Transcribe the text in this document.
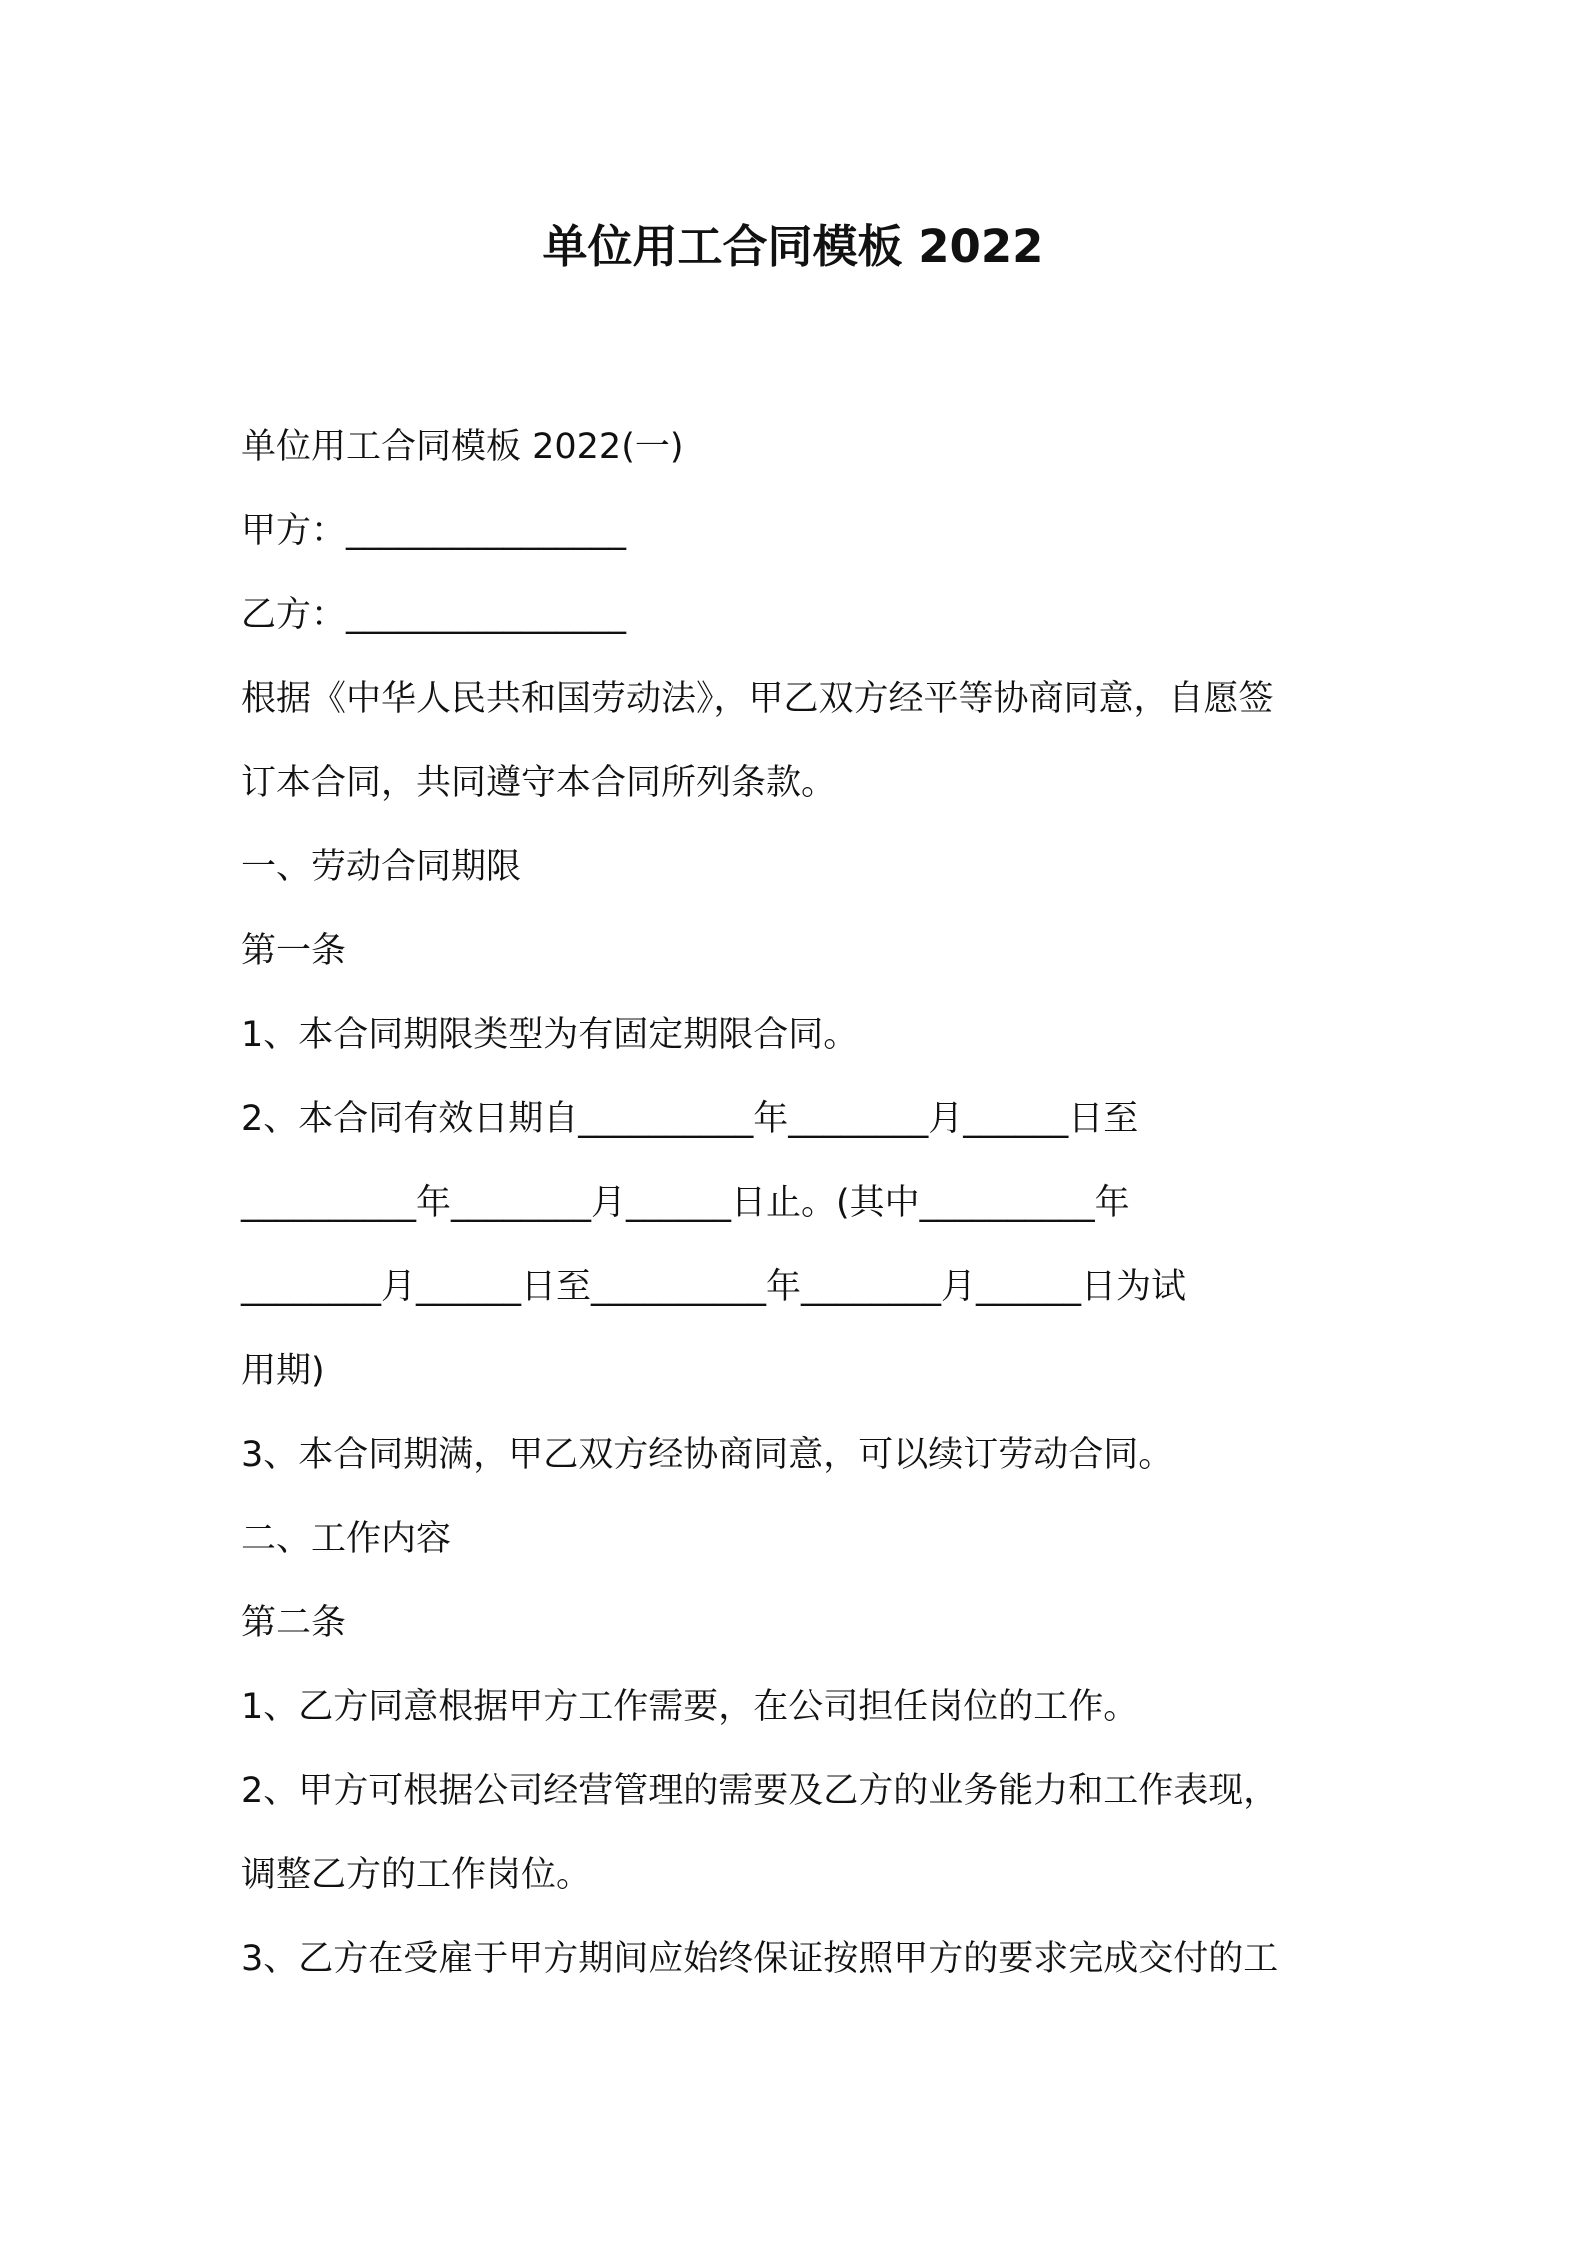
单位用工合同模板 2022

单位用工合同模板 2022(一)

甲方：________________

乙方：________________

根据《中华人民共和国劳动法》，甲乙双方经平等协商同意，自愿签

订本合同，共同遵守本合同所列条款。

一、劳动合同期限

第一条

1、本合同期限类型为有固定期限合同。

2、本合同有效日期自__________年________月______日至

__________年________月______日止。(其中__________年

________月______日至__________年________月______日为试

用期)

3、本合同期满，甲乙双方经协商同意，可以续订劳动合同。

二、工作内容

第二条

1、乙方同意根据甲方工作需要，在公司担任岗位的工作。

2、甲方可根据公司经营管理的需要及乙方的业务能力和工作表现，

调整乙方的工作岗位。

3、乙方在受雇于甲方期间应始终保证按照甲方的要求完成交付的工
